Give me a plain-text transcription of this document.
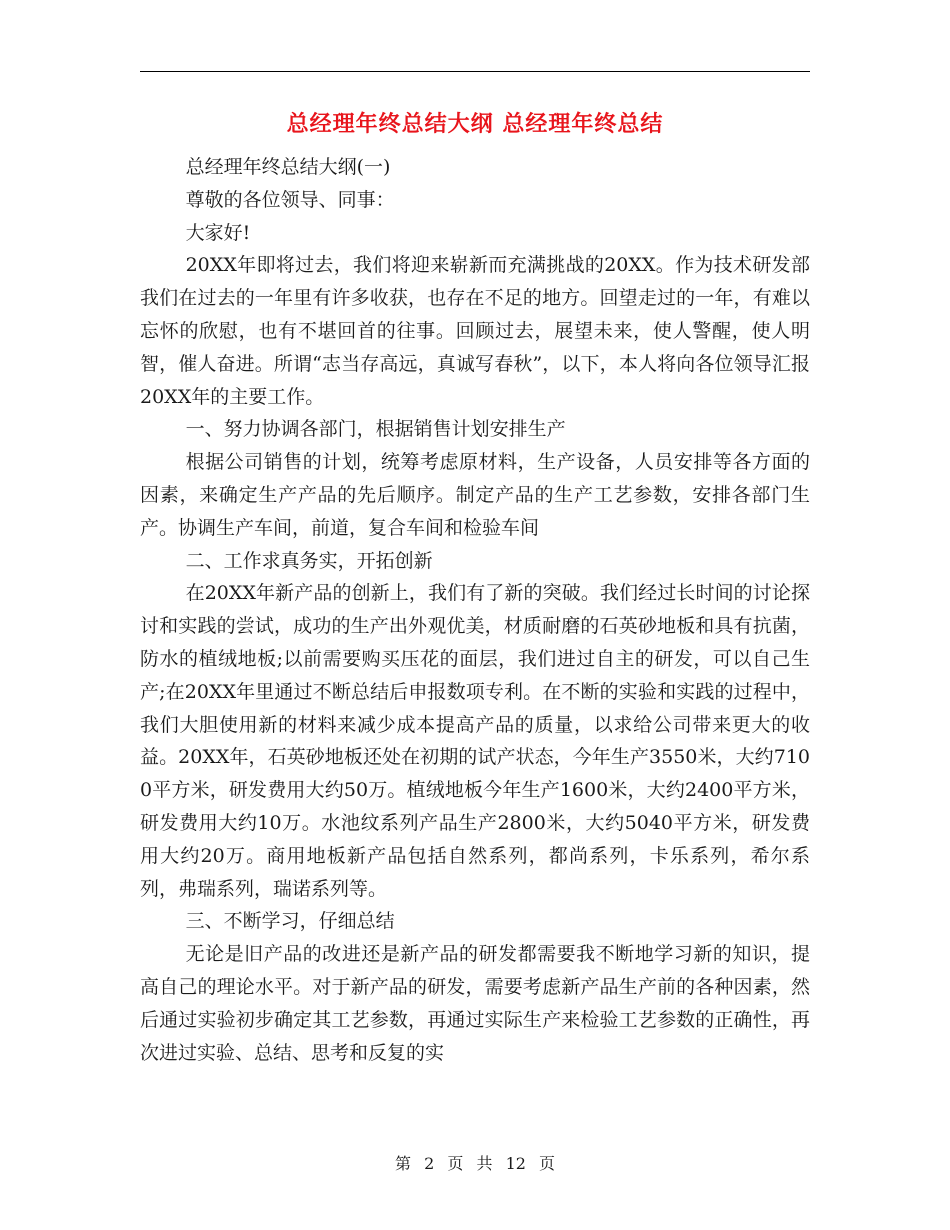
总经理年终总结大纲 总经理年终总结

总经理年终总结大纲(一)

尊敬的各位领导、同事：

大家好!

20XX年即将过去，我们将迎来崭新而充满挑战的20XX。作为技术研发部我们在过去的一年里有许多收获，也存在不足的地方。回望走过的一年，有难以忘怀的欣慰，也有不堪回首的往事。回顾过去，展望未来，使人警醒，使人明智，催人奋进。所谓“志当存高远，真诚写春秋”，以下，本人将向各位领导汇报20XX年的主要工作。

一、努力协调各部门，根据销售计划安排生产

根据公司销售的计划，统筹考虑原材料，生产设备，人员安排等各方面的因素，来确定生产产品的先后顺序。制定产品的生产工艺参数，安排各部门生产。协调生产车间，前道，复合车间和检验车间

二、工作求真务实，开拓创新

在20XX年新产品的创新上，我们有了新的突破。我们经过长时间的讨论探讨和实践的尝试，成功的生产出外观优美，材质耐磨的石英砂地板和具有抗菌，防水的植绒地板;以前需要购买压花的面层，我们进过自主的研发，可以自己生产;在20XX年里通过不断总结后申报数项专利。在不断的实验和实践的过程中，我们大胆使用新的材料来减少成本提高产品的质量，以求给公司带来更大的收益。20XX年，石英砂地板还处在初期的试产状态，今年生产3550米，大约7100平方米，研发费用大约50万。植绒地板今年生产1600米，大约2400平方米，研发费用大约10万。水池纹系列产品生产2800米，大约5040平方米，研发费用大约20万。商用地板新产品包括自然系列，都尚系列，卡乐系列，希尔系列，弗瑞系列，瑞诺系列等。

三、不断学习，仔细总结

无论是旧产品的改进还是新产品的研发都需要我不断地学习新的知识，提高自己的理论水平。对于新产品的研发，需要考虑新产品生产前的各种因素，然后通过实验初步确定其工艺参数，再通过实际生产来检验工艺参数的正确性，再次进过实验、总结、思考和反复的实

第 2 页 共 12 页
